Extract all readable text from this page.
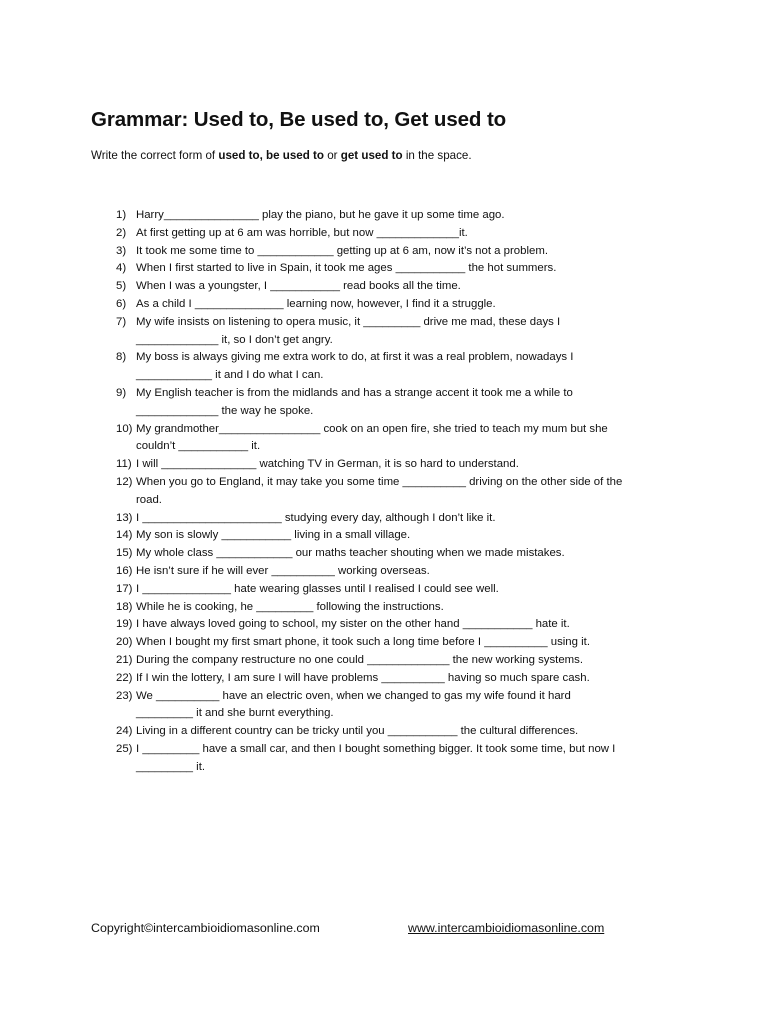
Grammar: Used to, Be used to, Get used to
Write the correct form of used to, be used to or get used to in the space.
1) Harry_______________ play the piano, but he gave it up some time ago.
2) At first getting up at 6 am was horrible, but now _____________it.
3) It took me some time to ____________ getting up at 6 am, now it’s not a problem.
4) When I first started to live in Spain, it took me ages ___________ the hot summers.
5) When I was a youngster, I ___________ read books all the time.
6) As a child I ______________ learning now, however, I find it a struggle.
7) My wife insists on listening to opera music, it _________ drive me mad, these days I
_____________ it, so I don’t get angry.
8) My boss is always giving me extra work to do, at first it was a real problem, nowadays I
____________ it and I do what I can.
9) My English teacher is from the midlands and has a strange accent it took me a while to
_____________ the way he spoke.
10) My grandmother________________ cook on an open fire, she tried to teach my mum but she
couldn’t ___________ it.
11) I will _______________ watching TV in German, it is so hard to understand.
12) When you go to England, it may take you some time __________ driving on the other side of the
road.
13) I ______________________ studying every day, although I don’t like it.
14) My son is slowly ___________ living in a small village.
15) My whole class ____________ our maths teacher shouting when we made mistakes.
16) He isn’t sure if he will ever __________ working overseas.
17) I ______________ hate wearing glasses until I realised I could see well.
18) While he is cooking, he _________ following the instructions.
19) I have always loved going to school, my sister on the other hand ___________ hate it.
20) When I bought my first smart phone, it took such a long time before I __________ using it.
21) During the company restructure no one could _____________ the new working systems.
22) If I win the lottery, I am sure I will have problems __________ having so much spare cash.
23) We __________ have an electric oven, when we changed to gas my wife found it hard
_________ it and she burnt everything.
24) Living in a different country can be tricky until you ___________ the cultural differences.
25) I _________ have a small car, and then I bought something bigger. It took some time, but now I
_________ it.
Copyright©intercambioidiomasonline.com	www.intercambioidiomasonline.com
